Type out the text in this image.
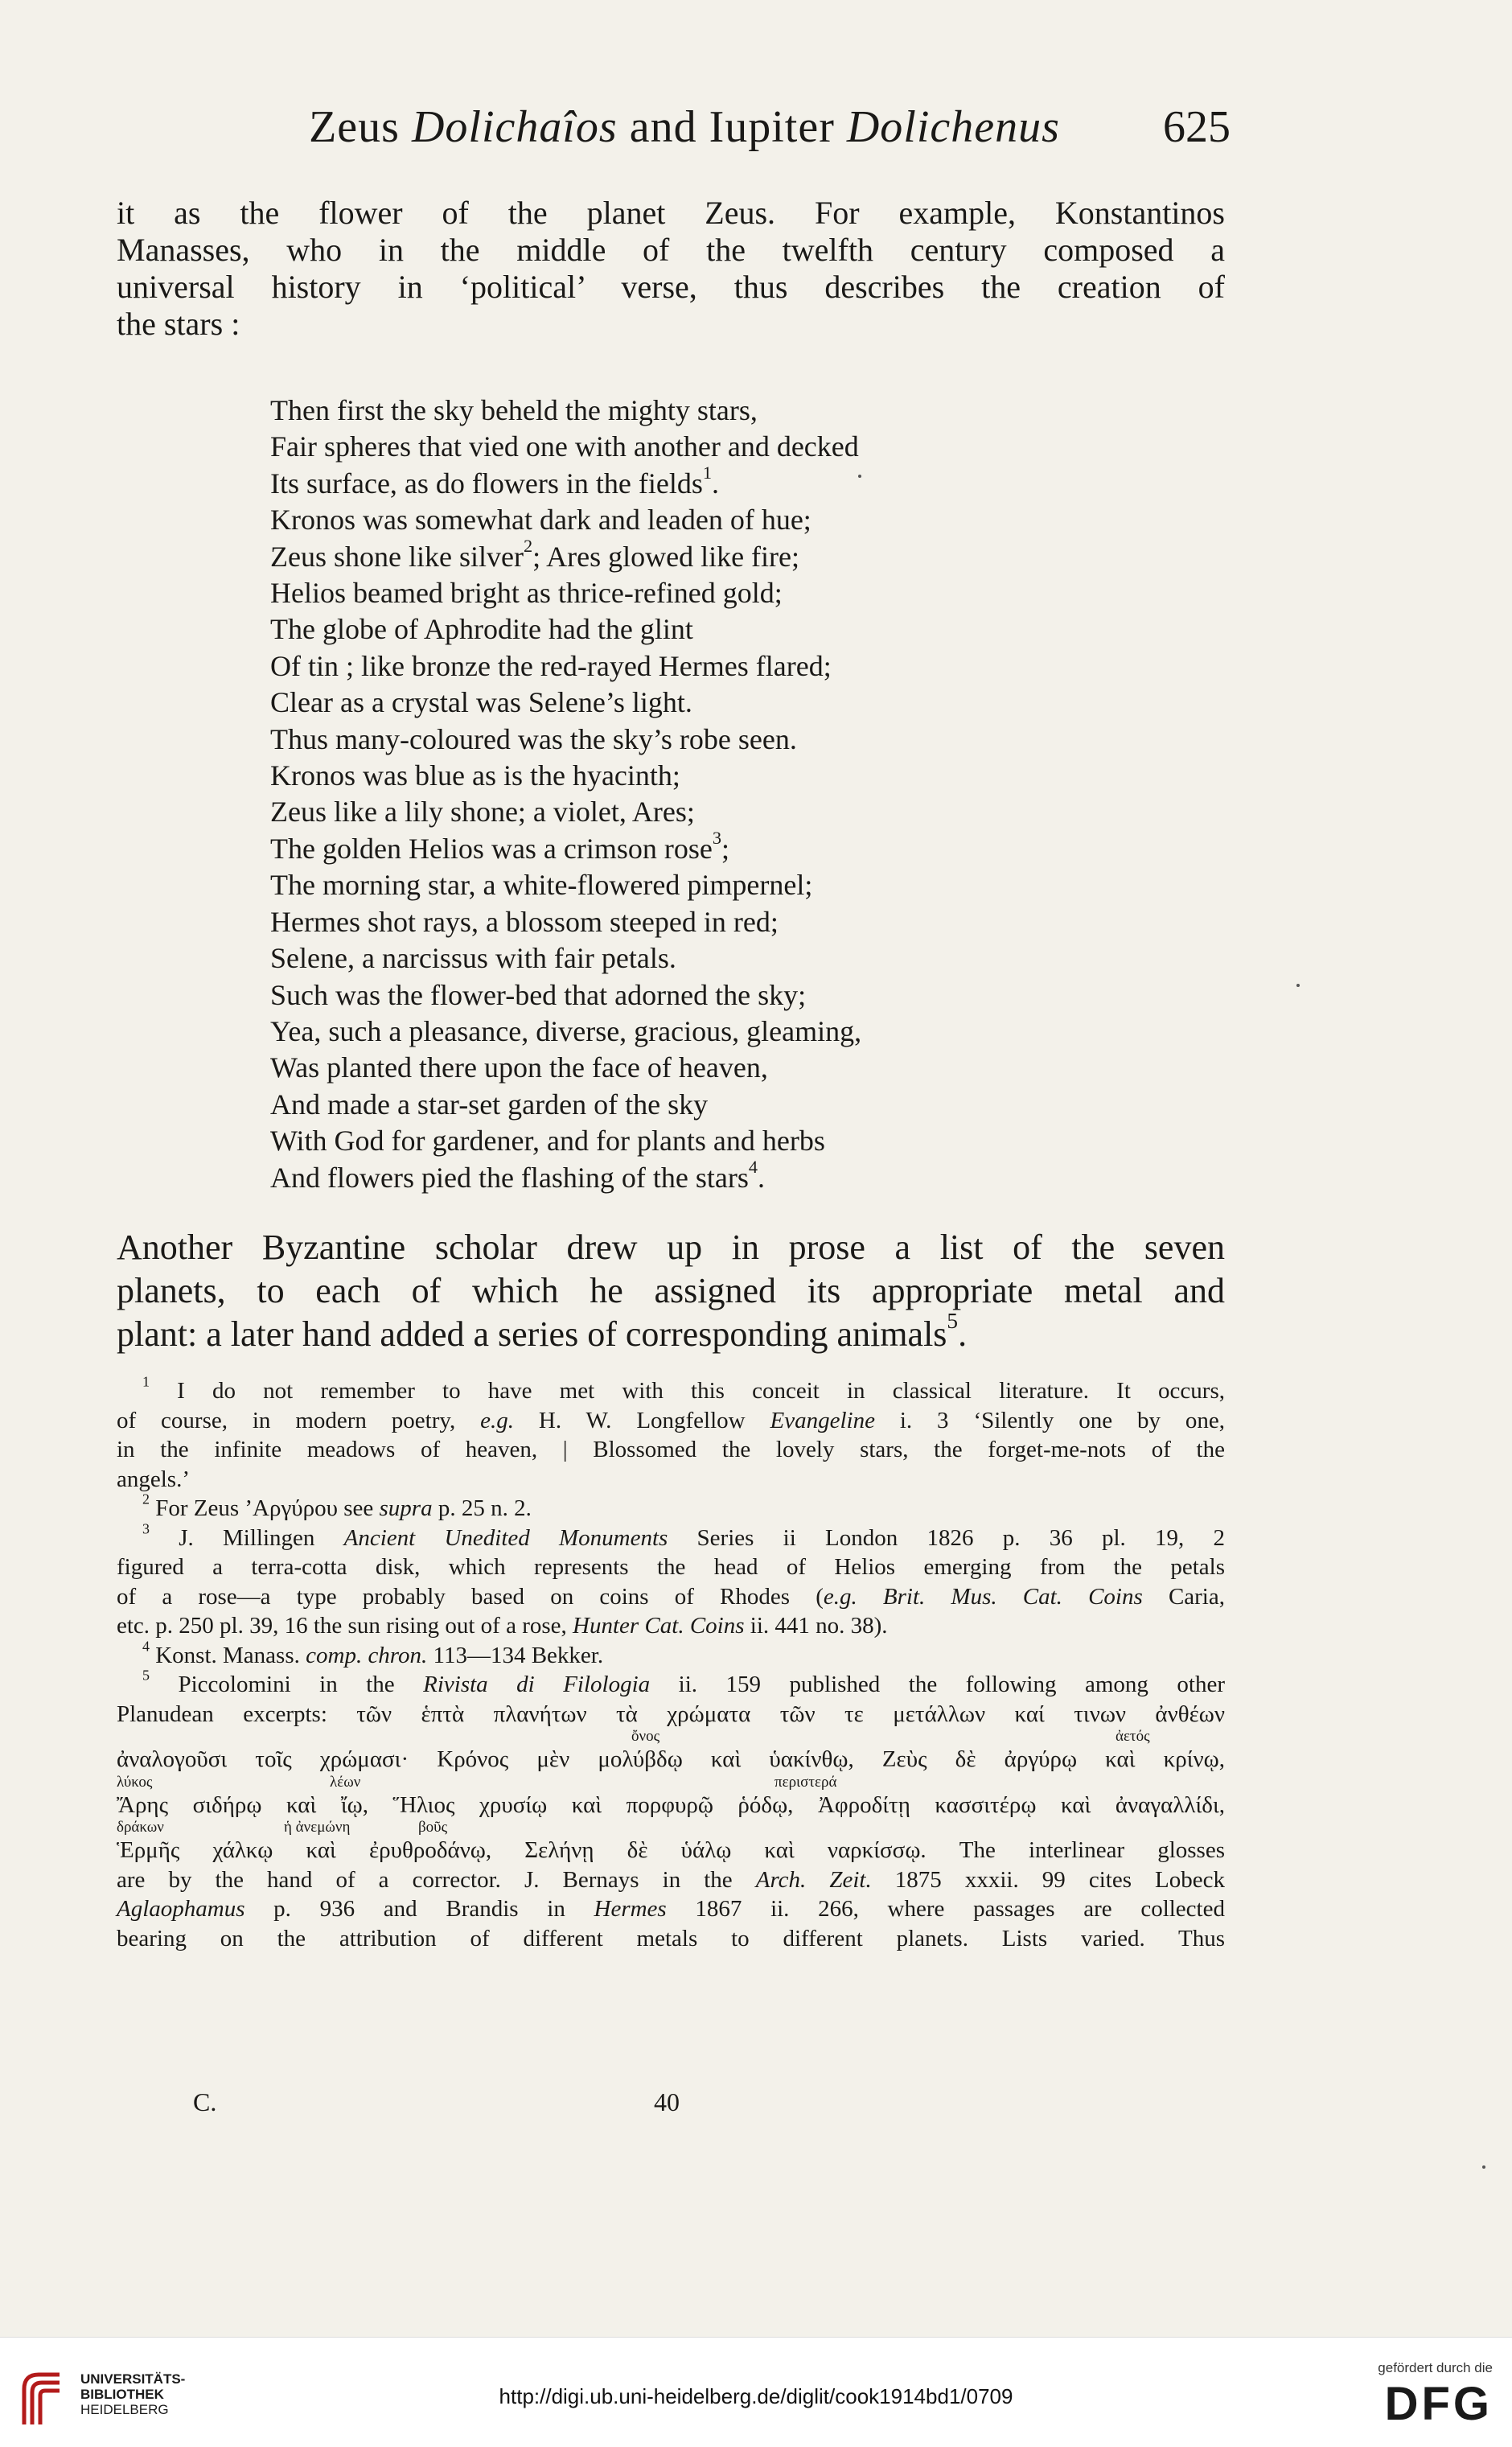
Zeus Dolichaîos and Iupiter Dolichenus	625
it as the flower of the planet Zeus. For example, Konstantinos
Manasses, who in the middle of the twelfth century composed a
universal history in ‘political’ verse, thus describes the creation of
the stars :
Then first the sky beheld the mighty stars,
Fair spheres that vied one with another and decked
Its surface, as do flowers in the fields$^1$.
Kronos was somewhat dark and leaden of hue;
Zeus shone like silver$^2$; Ares glowed like fire;
Helios beamed bright as thrice-refined gold;
The globe of Aphrodite had the glint
Of tin ; like bronze the red-rayed Hermes flared;
Clear as a crystal was Selene’s light.
Thus many-coloured was the sky’s robe seen.
Kronos was blue as is the hyacinth;
Zeus like a lily shone; a violet, Ares;
The golden Helios was a crimson rose$^3$;
The morning star, a white-flowered pimpernel;
Hermes shot rays, a blossom steeped in red;
Selene, a narcissus with fair petals.
Such was the flower-bed that adorned the sky;
Yea, such a pleasance, diverse, gracious, gleaming,
Was planted there upon the face of heaven,
And made a star-set garden of the sky
With God for gardener, and for plants and herbs
And flowers pied the flashing of the stars$^4$.
Another Byzantine scholar drew up in prose a list of the seven
planets, to each of which he assigned its appropriate metal and
plant: a later hand added a series of corresponding animals$^5$.
$^1$ I do not remember to have met with this conceit in classical literature. It occurs,
of course, in modern poetry, e.g. H. W. Longfellow Evangeline i. 3 ‘Silently one by one,
in the infinite meadows of heaven, | Blossomed the lovely stars, the forget-me-nots of the
angels.’
$^2$ For Zeus ’Αργύρου see supra p. 25 n. 2.
$^3$ J. Millingen Ancient Unedited Monuments Series ii London 1826 p. 36 pl. 19, 2
figured a terra-cotta disk, which represents the head of Helios emerging from the petals
of a rose—a type probably based on coins of Rhodes (e.g. Brit. Mus. Cat. Coins Caria,
etc. p. 250 pl. 39, 16 the sun rising out of a rose, Hunter Cat. Coins ii. 441 no. 38).
$^4$ Konst. Manass. comp. chron. 113—134 Bekker.
$^5$ Piccolomini in the Rivista di Filologia ii. 159 published the following among other
Planudean excerpts: τῶν ἑπτὰ πλανήτων τὰ χρώματα τῶν τε μετάλλων καί τινων ἀνθέων
ὄνος	ἀετός
ἀναλογοῦσι τοῖς χρώμασι· Κρόνος μὲν μολύβδῳ καὶ ὑακίνθῳ, Ζεὺς δὲ ἀργύρῳ καὶ κρίνῳ,
λύκος	λέων	περιστερά
Ἄρης σιδήρῳ καὶ ἴῳ, Ἥλιος χρυσίῳ καὶ πορφυρῷ ῥόδῳ, Ἀφροδίτῃ κασσιτέρῳ καὶ ἀναγαλλίδι,
δράκων	ἡ ἀνεμώνη	βοῦς
Ἑρμῆς χάλκῳ καὶ ἐρυθροδάνῳ, Σελήνῃ δὲ ὑάλῳ καὶ ναρκίσσῳ. The interlinear glosses
are by the hand of a corrector. J. Bernays in the Arch. Zeit. 1875 xxxii. 99 cites Lobeck
Aglaophamus p. 936 and Brandis in Hermes 1867 ii. 266, where passages are collected
bearing on the attribution of different metals to different planets. Lists varied. Thus
C.	40
UNIVERSITÄTS-
BIBLIOTHEK
HEIDELBERG
http://digi.ub.uni-heidelberg.de/diglit/cook1914bd1/0709
gefördert durch die
DFG
